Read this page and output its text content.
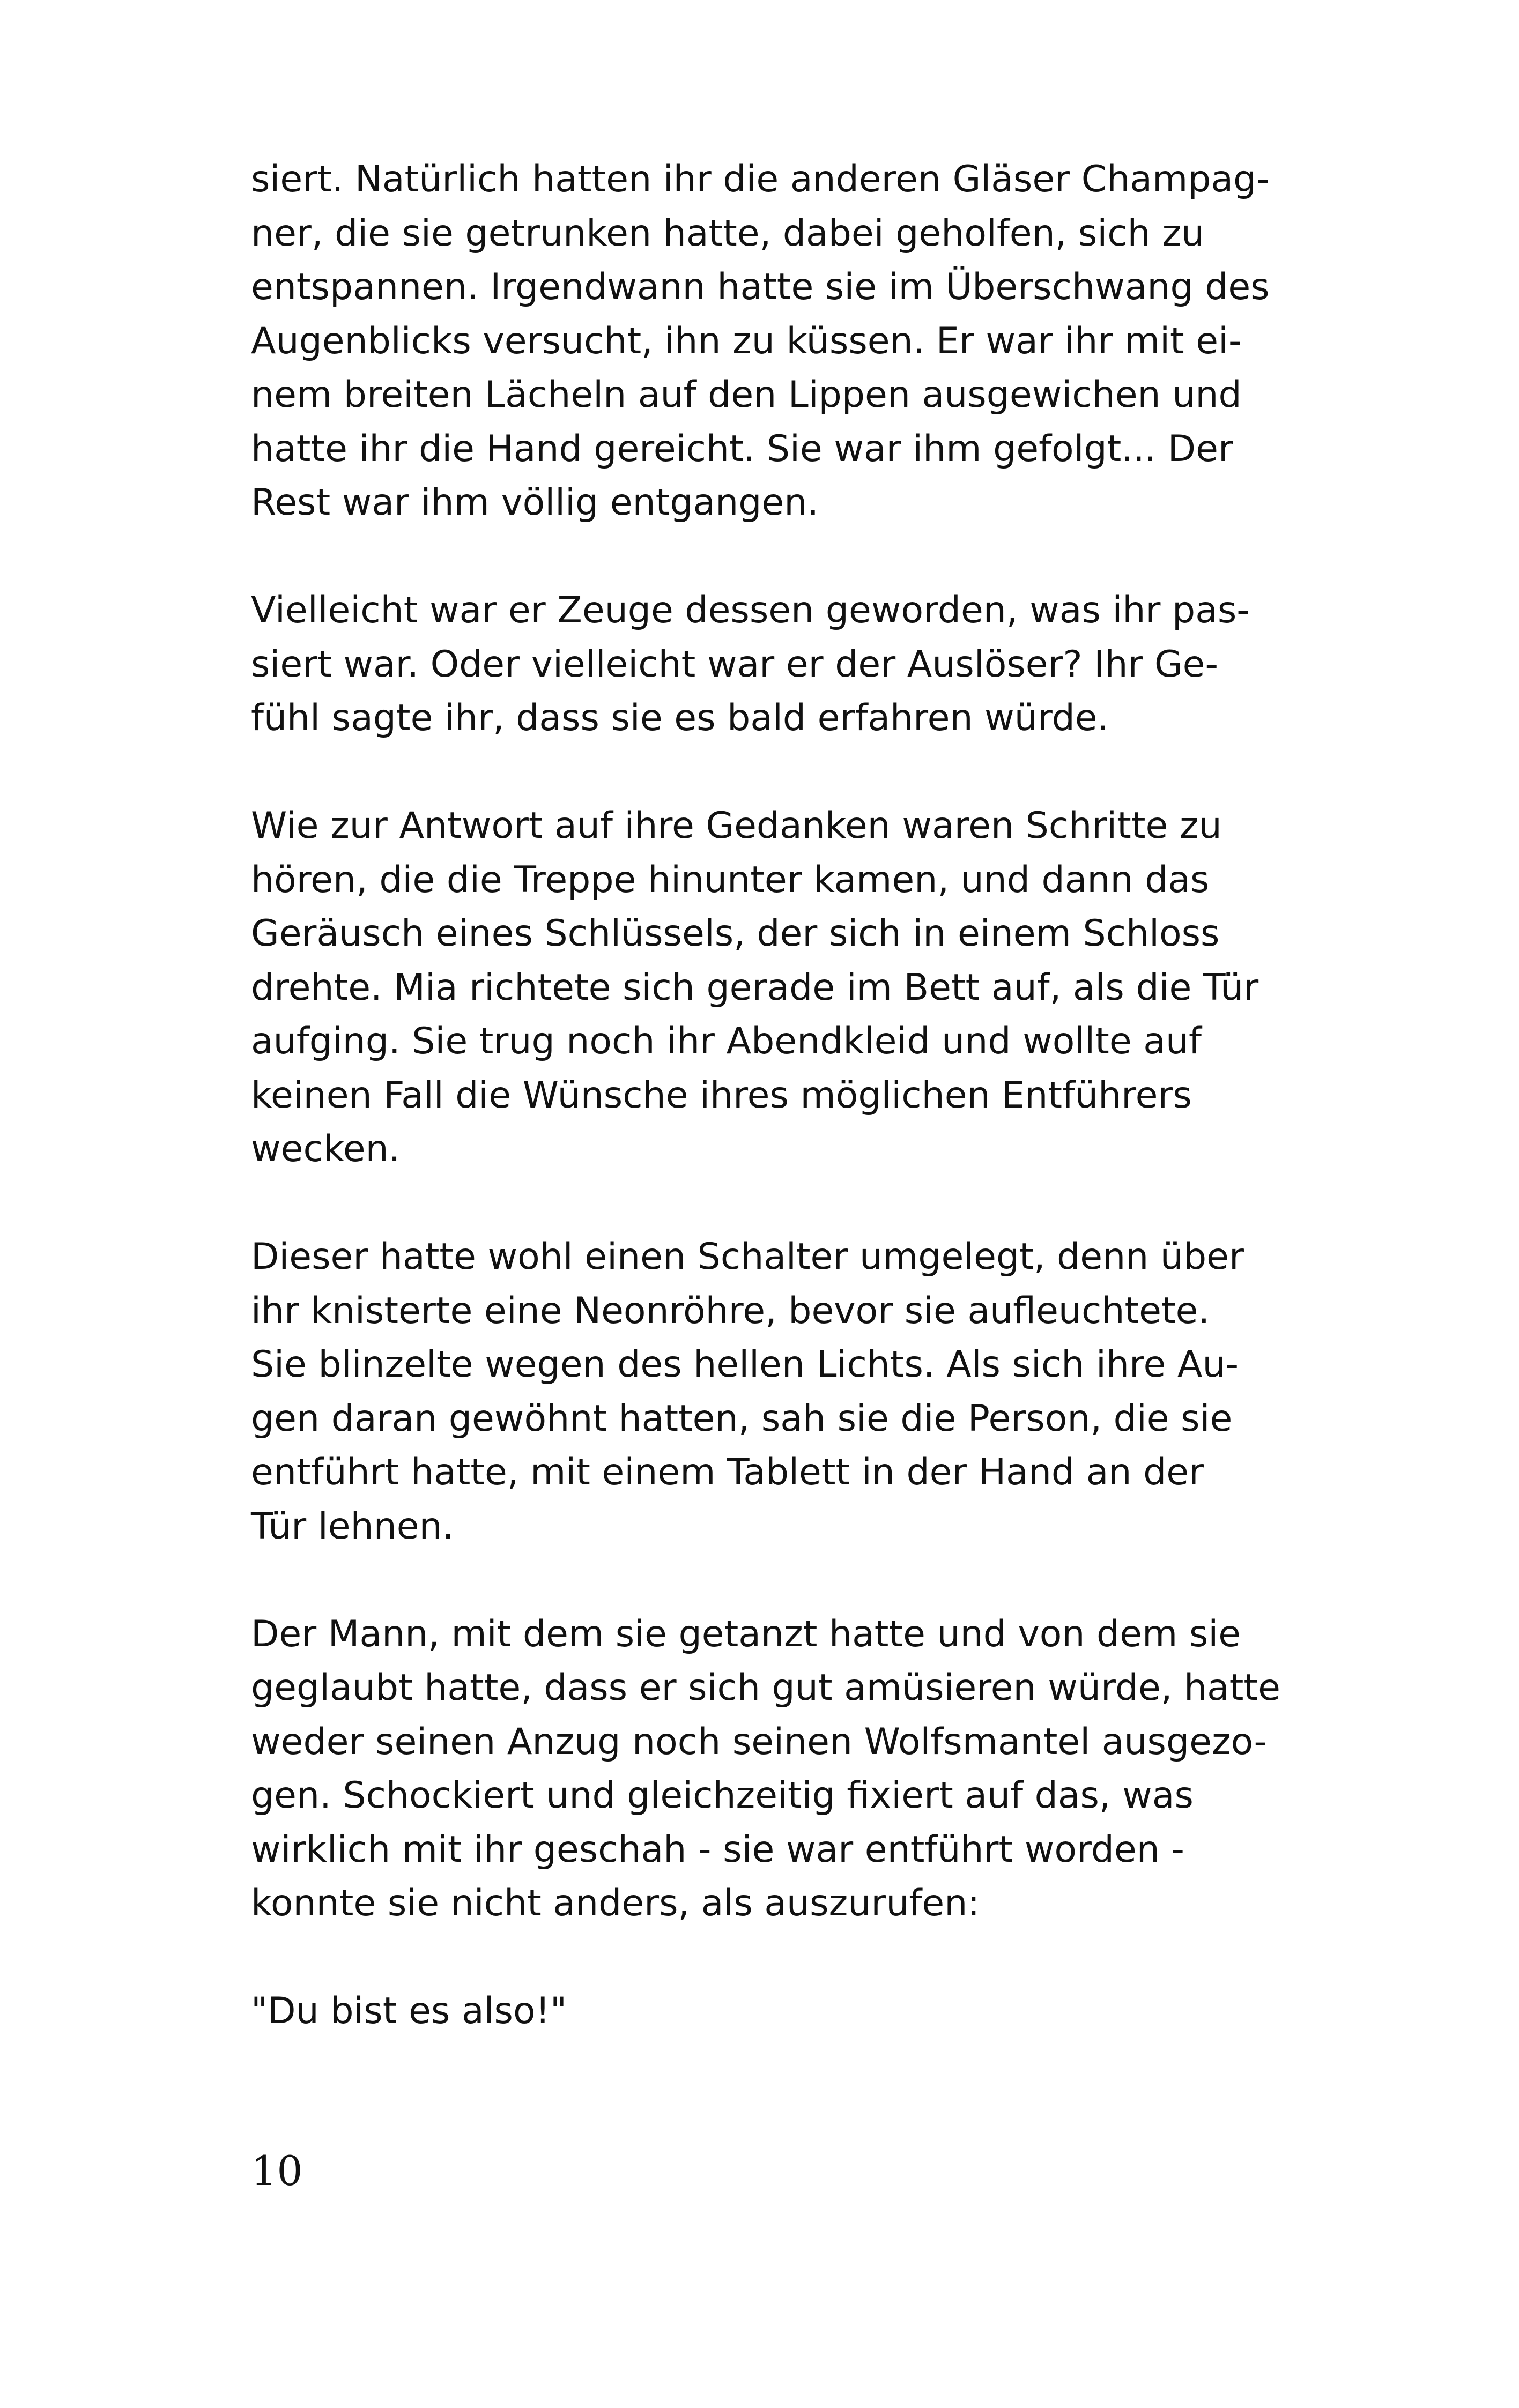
siert. Natürlich hatten ihr die anderen Gläser Champag-
ner, die sie getrunken hatte, dabei geholfen, sich zu
entspannen. Irgendwann hatte sie im Überschwang des
Augenblicks versucht, ihn zu küssen. Er war ihr mit ei-
nem breiten Lächeln auf den Lippen ausgewichen und
hatte ihr die Hand gereicht. Sie war ihm gefolgt... Der
Rest war ihm völlig entgangen.

Vielleicht war er Zeuge dessen geworden, was ihr pas-
siert war. Oder vielleicht war er der Auslöser? Ihr Ge-
fühl sagte ihr, dass sie es bald erfahren würde.

Wie zur Antwort auf ihre Gedanken waren Schritte zu
hören, die die Treppe hinunter kamen, und dann das
Geräusch eines Schlüssels, der sich in einem Schloss
drehte. Mia richtete sich gerade im Bett auf, als die Tür
aufging. Sie trug noch ihr Abendkleid und wollte auf
keinen Fall die Wünsche ihres möglichen Entführers
wecken.

Dieser hatte wohl einen Schalter umgelegt, denn über
ihr knisterte eine Neonröhre, bevor sie aufleuchtete.
Sie blinzelte wegen des hellen Lichts. Als sich ihre Au-
gen daran gewöhnt hatten, sah sie die Person, die sie
entführt hatte, mit einem Tablett in der Hand an der
Tür lehnen.

Der Mann, mit dem sie getanzt hatte und von dem sie
geglaubt hatte, dass er sich gut amüsieren würde, hatte
weder seinen Anzug noch seinen Wolfsmantel ausgezo-
gen. Schockiert und gleichzeitig fixiert auf das, was
wirklich mit ihr geschah - sie war entführt worden -
konnte sie nicht anders, als auszurufen:

"Du bist es also!"

10
